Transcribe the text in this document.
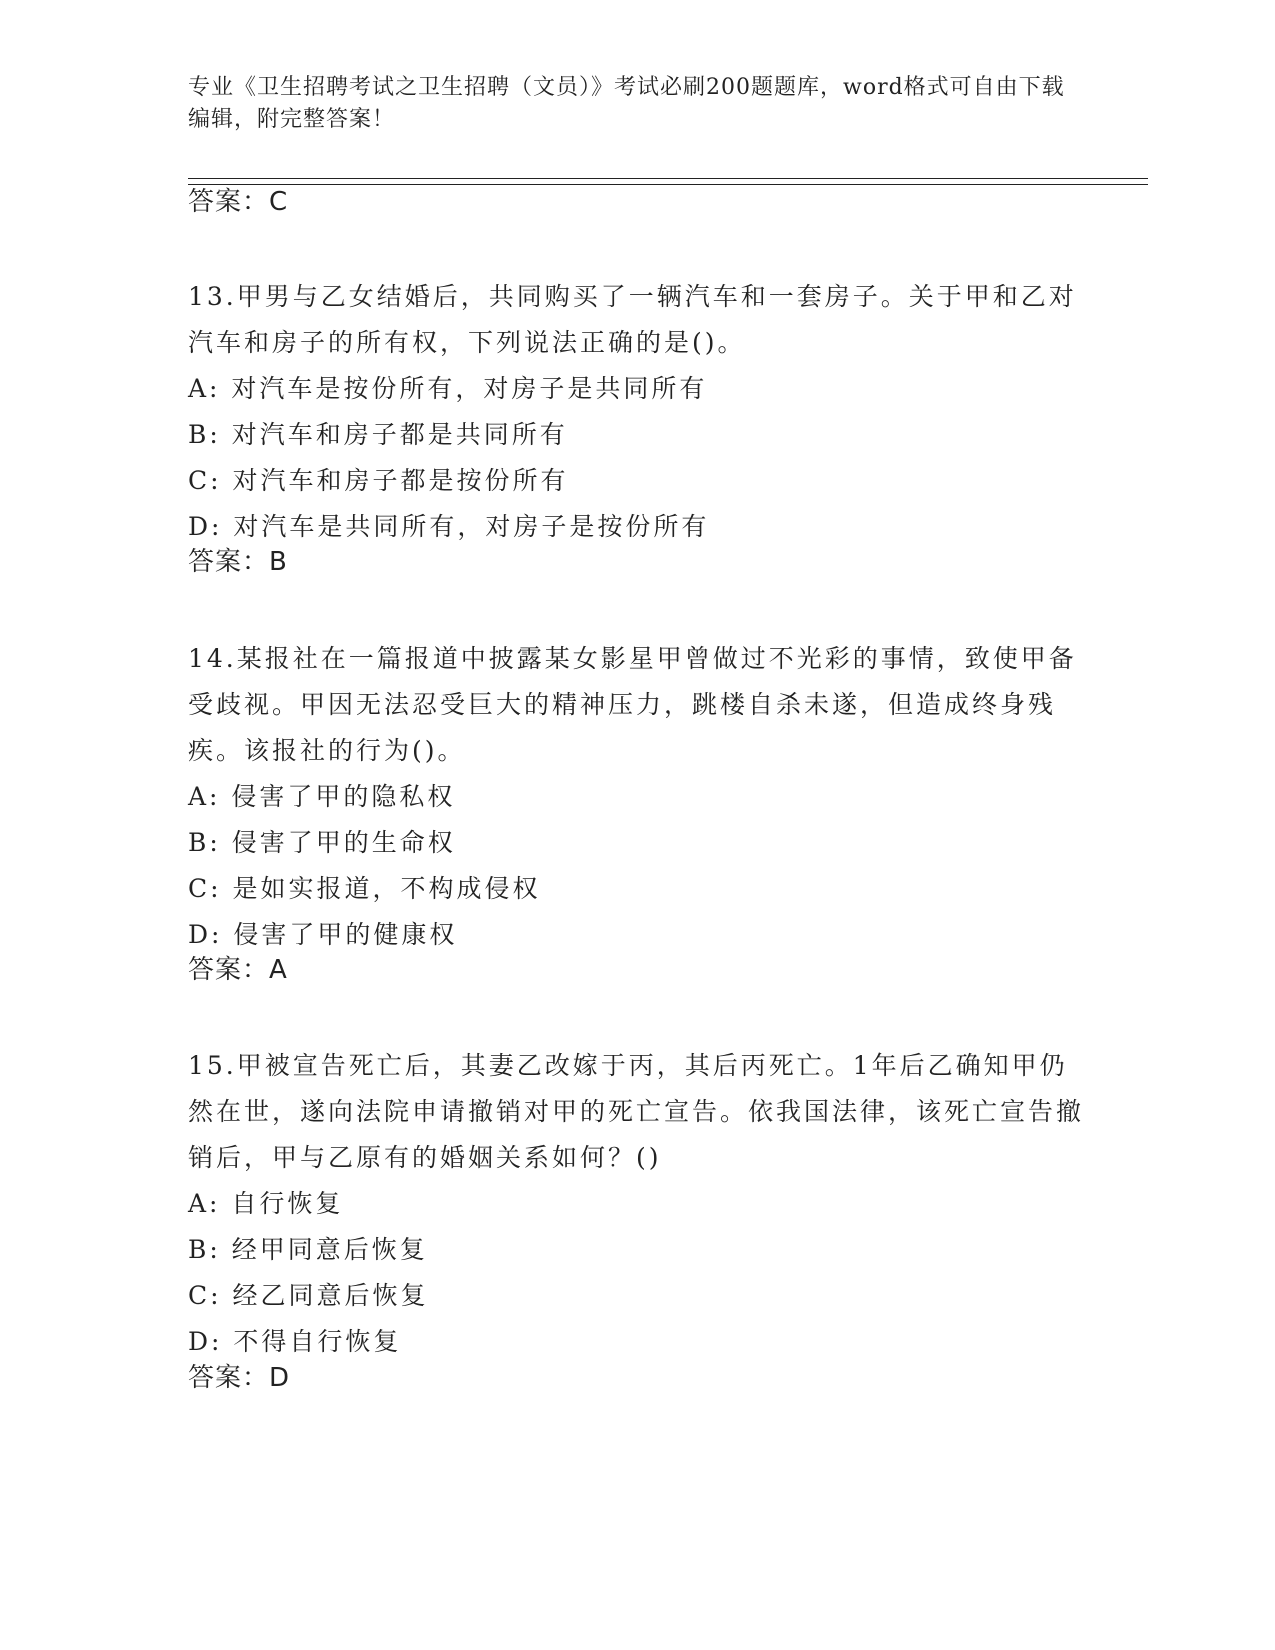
专业《卫生招聘考试之卫生招聘（文员）》考试必刷200题题库，word格式可自由下载编辑，附完整答案！
答案：C

13.甲男与乙女结婚后，共同购买了一辆汽车和一套房子。关于甲和乙对汽车和房子的所有权，下列说法正确的是()。

A: 对汽车是按份所有，对房子是共同所有

B: 对汽车和房子都是共同所有

C: 对汽车和房子都是按份所有

D: 对汽车是共同所有，对房子是按份所有

答案：B

14.某报社在一篇报道中披露某女影星甲曾做过不光彩的事情，致使甲备受歧视。甲因无法忍受巨大的精神压力，跳楼自杀未遂，但造成终身残疾。该报社的行为()。

A: 侵害了甲的隐私权

B: 侵害了甲的生命权

C: 是如实报道，不构成侵权

D: 侵害了甲的健康权

答案：A

15.甲被宣告死亡后，其妻乙改嫁于丙，其后丙死亡。1年后乙确知甲仍然在世，遂向法院申请撤销对甲的死亡宣告。依我国法律，该死亡宣告撤销后，甲与乙原有的婚姻关系如何？()

A: 自行恢复

B: 经甲同意后恢复

C: 经乙同意后恢复

D: 不得自行恢复

答案：D
